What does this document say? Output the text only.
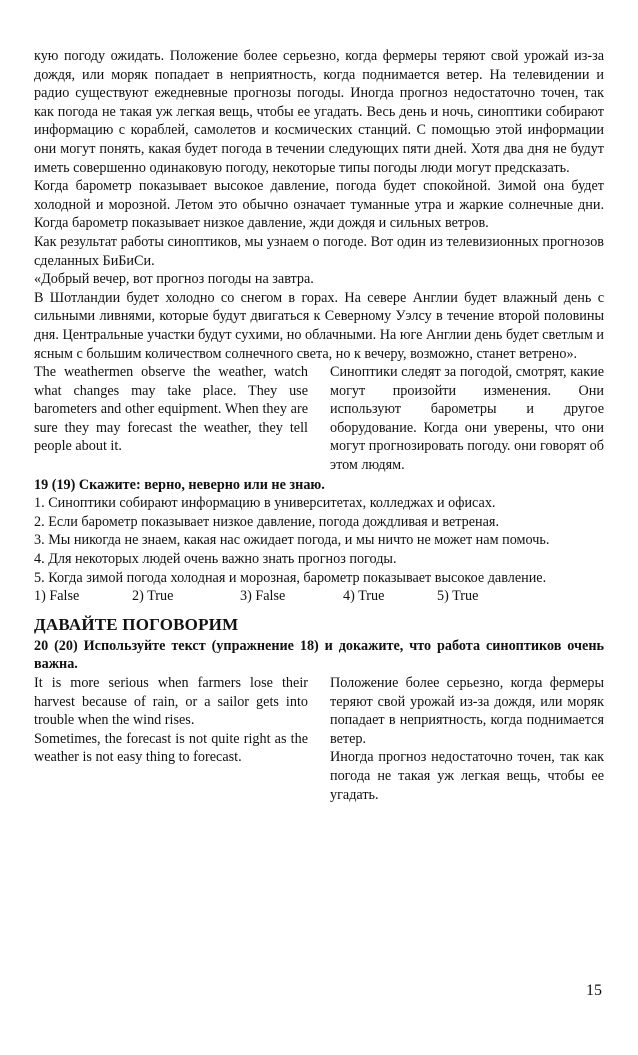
кую погоду ожидать. Положение более серьезно, когда фермеры теряют свой урожай из-за дождя, или моряк попадает в неприятность, когда поднимается ветер. На телевидении и радио существуют ежедневные прогнозы погоды. Иногда прогноз недостаточно точен, так как погода не такая уж легкая вещь, чтобы ее угадать. Весь день и ночь, синоптики собирают информацию с кораблей, самолетов и космических станций. С помощью этой информации они могут понять, какая будет погода в течении следующих пяти дней. Хотя два дня не будут иметь совершенно одинаковую погоду, некоторые типы погоды люди могут предсказать.

Когда барометр показывает высокое давление, погода будет спокойной. Зимой она будет холодной и морозной. Летом это обычно означает туманные утра и жаркие солнечные дни. Когда барометр показывает низкое давление, жди дождя и сильных ветров.

Как результат работы синоптиков, мы узнаем о погоде. Вот один из телевизионных прогнозов сделанных БиБиСи.

«Добрый вечер, вот прогноз погоды на завтра.

В Шотландии будет холодно со снегом в горах. На севере Англии будет влажный день с сильными ливнями, которые будут двигаться к Северному Уэлсу в течение второй половины дня. Центральные участки будут сухими, но облачными. На юге Англии день будет светлым и ясным с большим количеством солнечного света, но к вечеру, возможно, станет ветрено».

The weathermen observe the weather, watch what changes may take place. They use barometers and other equipment. When they are sure they may forecast the weather, they tell people about it.
Синоптики следят за погодой, смотрят, какие могут произойти изменения. Они используют барометры и другое оборудование. Когда они уверены, что они могут прогнозировать погоду. они говорят об этом людям.

19 (19) Скажите: верно, неверно или не знаю.

1. Синоптики собирают информацию в университетах, колледжах и офисах.

2. Если барометр показывает низкое давление, погода дождливая и ветреная.

3. Мы никогда не знаем, какая нас ожидает погода, и мы ничто не может нам помочь.

4. Для некоторых людей очень важно знать прогноз погоды.

5. Когда зимой погода холодная и морозная, барометр показывает высокое давление.

1) False	2) True	3) False	4) True	5) True
ДАВАЙТЕ ПОГОВОРИМ

20 (20) Используйте текст (упражнение 18) и докажите, что работа синоптиков очень важна.

It is more serious when farmers lose their harvest because of rain, or a sailor gets into trouble when the wind rises.

Sometimes, the forecast is not quite right as the weather is not easy thing to forecast.

Положение более серьезно, когда фермеры теряют свой урожай из-за дождя, или моряк попадает в неприятность, когда поднимается ветер.

Иногда прогноз недостаточно точен, так как погода не такая уж легкая вещь, чтобы ее угадать.

15
